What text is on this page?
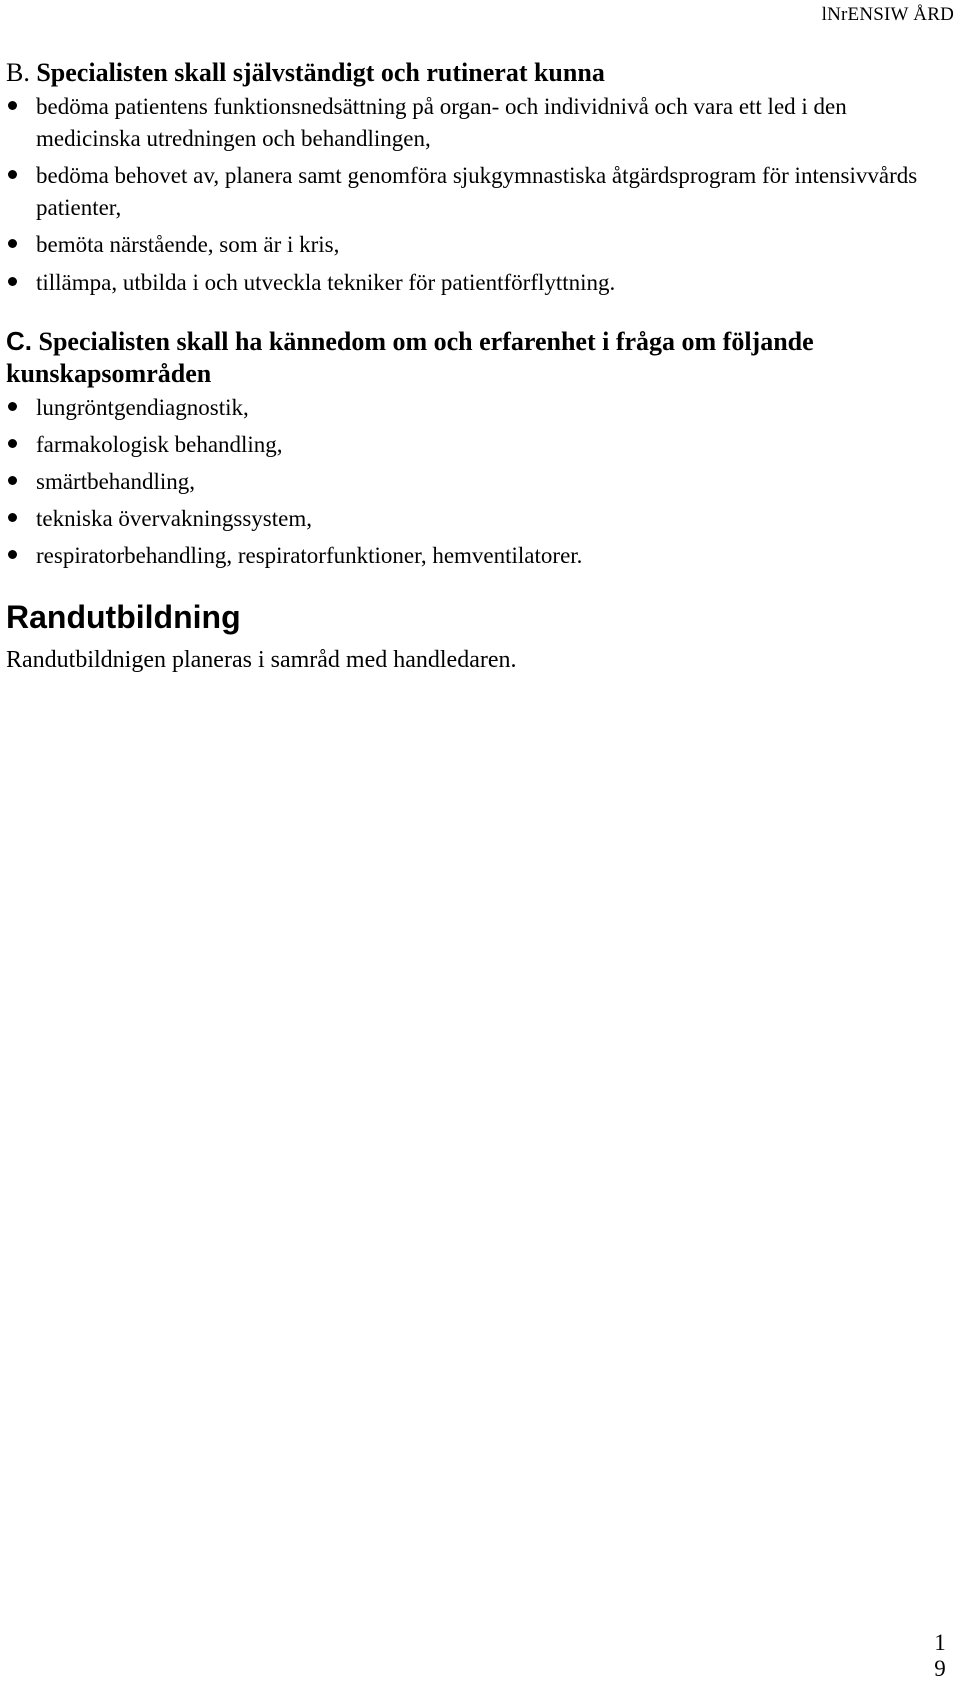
lNrENSIW ÅRD
B. Specialisten skall självständigt och rutinerat kunna
bedöma patientens funktionsnedsättning på organ- och individnivå och vara ett led i den medicinska utredningen och behandlingen,
bedöma behovet av, planera samt genomföra sjukgymnastiska åtgärdsprogram för intensivvårds patienter,
bemöta närstående, som är i kris,
tillämpa, utbilda i och utveckla tekniker för patientförflyttning.
C. Specialisten skall ha kännedom om och erfarenhet i fråga om följande kunskapsområden
lungröntgendiagnostik,
farmakologisk behandling,
smärtbehandling,
tekniska övervakningssystem,
respiratorbehandling, respiratorfunktioner, hemventilatorer.
Randutbildning
Randutbildnigen planeras i samråd med handledaren.
1
9
